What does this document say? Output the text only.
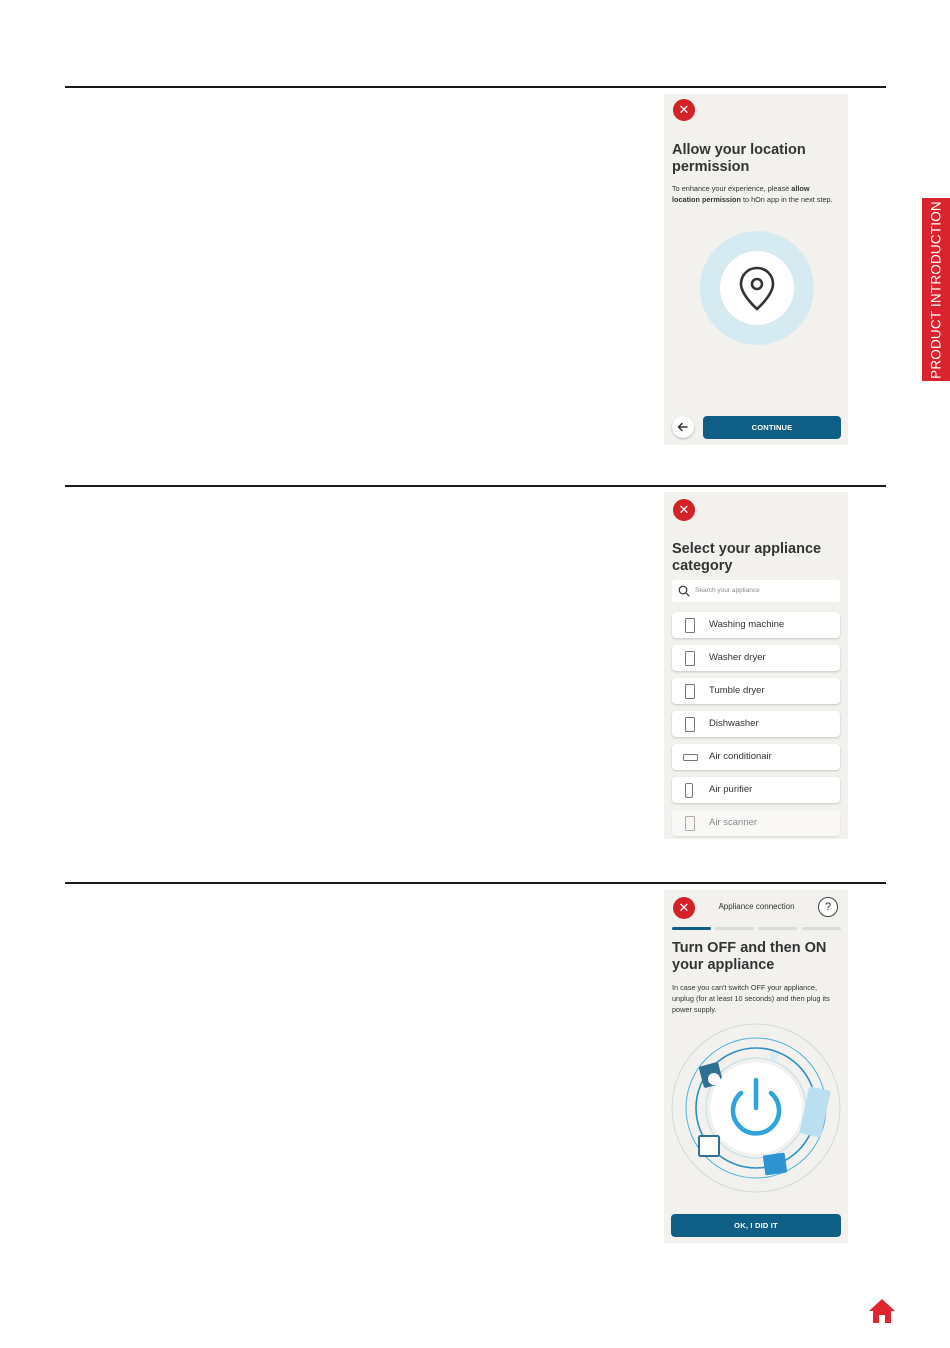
PRODUCT INTRODUCTION
✕
Allow your location permission
To enhance your experience, please allow location permission to hOn app in the next step.
CONTINUE
✕
Select your appliance category
Search your appliance
Washing machine
Washer dryer
Tumble dryer
Dishwasher
Air conditionair
Air purifier
Air scanner
✕	Appliance connection	?
Turn OFF and then ON your appliance
In case you can't switch OFF your appliance, unplug (for at least 10 seconds) and then plug its power supply.
OK, I DID IT
